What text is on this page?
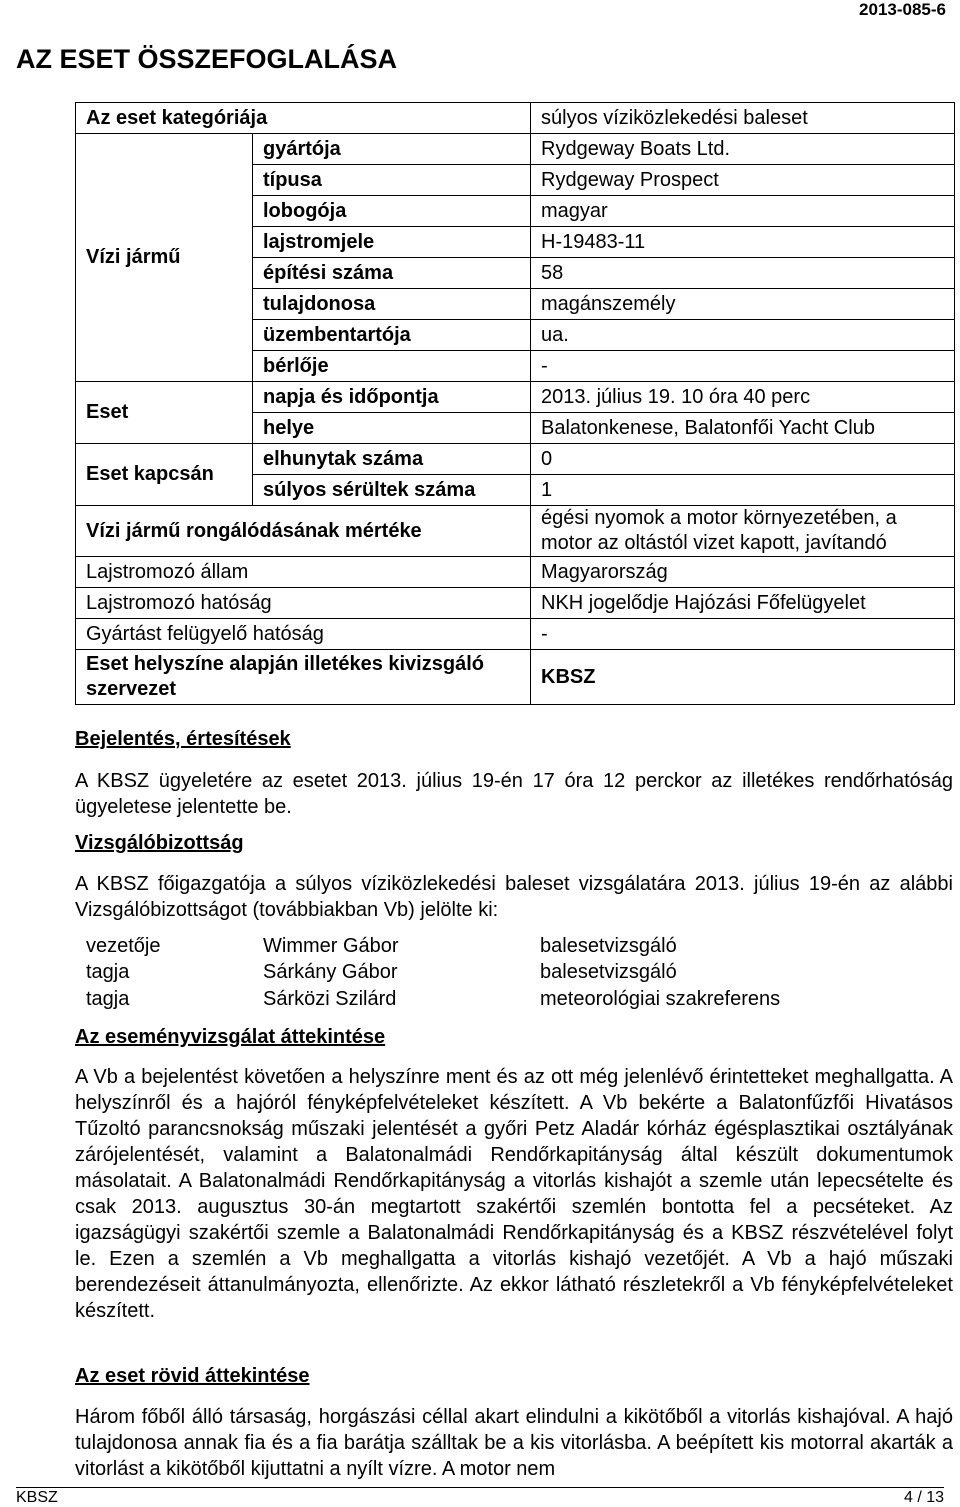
2013-085-6
AZ ESET ÖSSZEFOGLALÁSA
Az eset kategóriája		súlyos víziközlekedési baleset
Vízi jármű	gyártója	Rydgeway Boats Ltd.
	típusa	Rydgeway Prospect
	lobogója	magyar
	lajstromjele	H-19483-11
	építési száma	58
	tulajdonosa	magánszemély
	üzembentartója	ua.
	bérlője	-
Eset	napja és időpontja	2013. július 19. 10 óra 40 perc
	helye	Balatonkenese, Balatonfői Yacht Club
Eset kapcsán	elhunytak száma	0
	súlyos sérültek száma	1
Vízi jármű rongálódásának mértéke		égési nyomok a motor környezetében, a motor az oltástól vizet kapott, javítandó
Lajstromozó állam		Magyarország
Lajstromozó hatóság		NKH jogelődje Hajózási Főfelügyelet
Gyártást felügyelő hatóság		-
Eset helyszíne alapján illetékes kivizsgáló szervezet		KBSZ
Bejelentés, értesítések

A KBSZ ügyeletére az esetet 2013. július 19-én 17 óra 12 perckor az illetékes rendőrhatóság ügyeletese jelentette be.

Vizsgálóbizottság

A KBSZ főigazgatója a súlyos víziközlekedési baleset vizsgálatára 2013. július 19-én az alábbi Vizsgálóbizottságot (továbbiakban Vb) jelölte ki:

vezetője	Wimmer Gábor	balesetvizsgáló
tagja	Sárkány Gábor	balesetvizsgáló
tagja	Sárközi Szilárd	meteorológiai szakreferens
Az eseményvizsgálat áttekintése

A Vb a bejelentést követően a helyszínre ment és az ott még jelenlévő érintetteket meghallgatta. A helyszínről és a hajóról fényképfelvételeket készített. A Vb bekérte a Balatonfűzfői Hivatásos Tűzoltó parancsnokság műszaki jelentését a győri Petz Aladár kórház égésplasztikai osztályának zárójelentését, valamint a Balatonalmádi Rendőrkapitányság által készült dokumentumok másolatait. A Balatonalmádi Rendőrkapitányság a vitorlás kishajót a szemle után lepecsételte és csak 2013. augusztus 30-án megtartott szakértői szemlén bontotta fel a pecséteket. Az igazságügyi szakértői szemle a Balatonalmádi Rendőrkapitányság és a KBSZ részvételével folyt le. Ezen a szemlén a Vb meghallgatta a vitorlás kishajó vezetőjét. A Vb a hajó műszaki berendezéseit áttanulmányozta, ellenőrizte. Az ekkor látható részletekről a Vb fényképfelvételeket készített.

Az eset rövid áttekintése

Három főből álló társaság, horgászási céllal akart elindulni a kikötőből a vitorlás kishajóval. A hajó tulajdonosa annak fia és a fia barátja szálltak be a kis vitorlásba. A beépített kis motorral akarták a vitorlást a kikötőből kijuttatni a nyílt vízre. A motor nem

KBSZ	4 / 13
